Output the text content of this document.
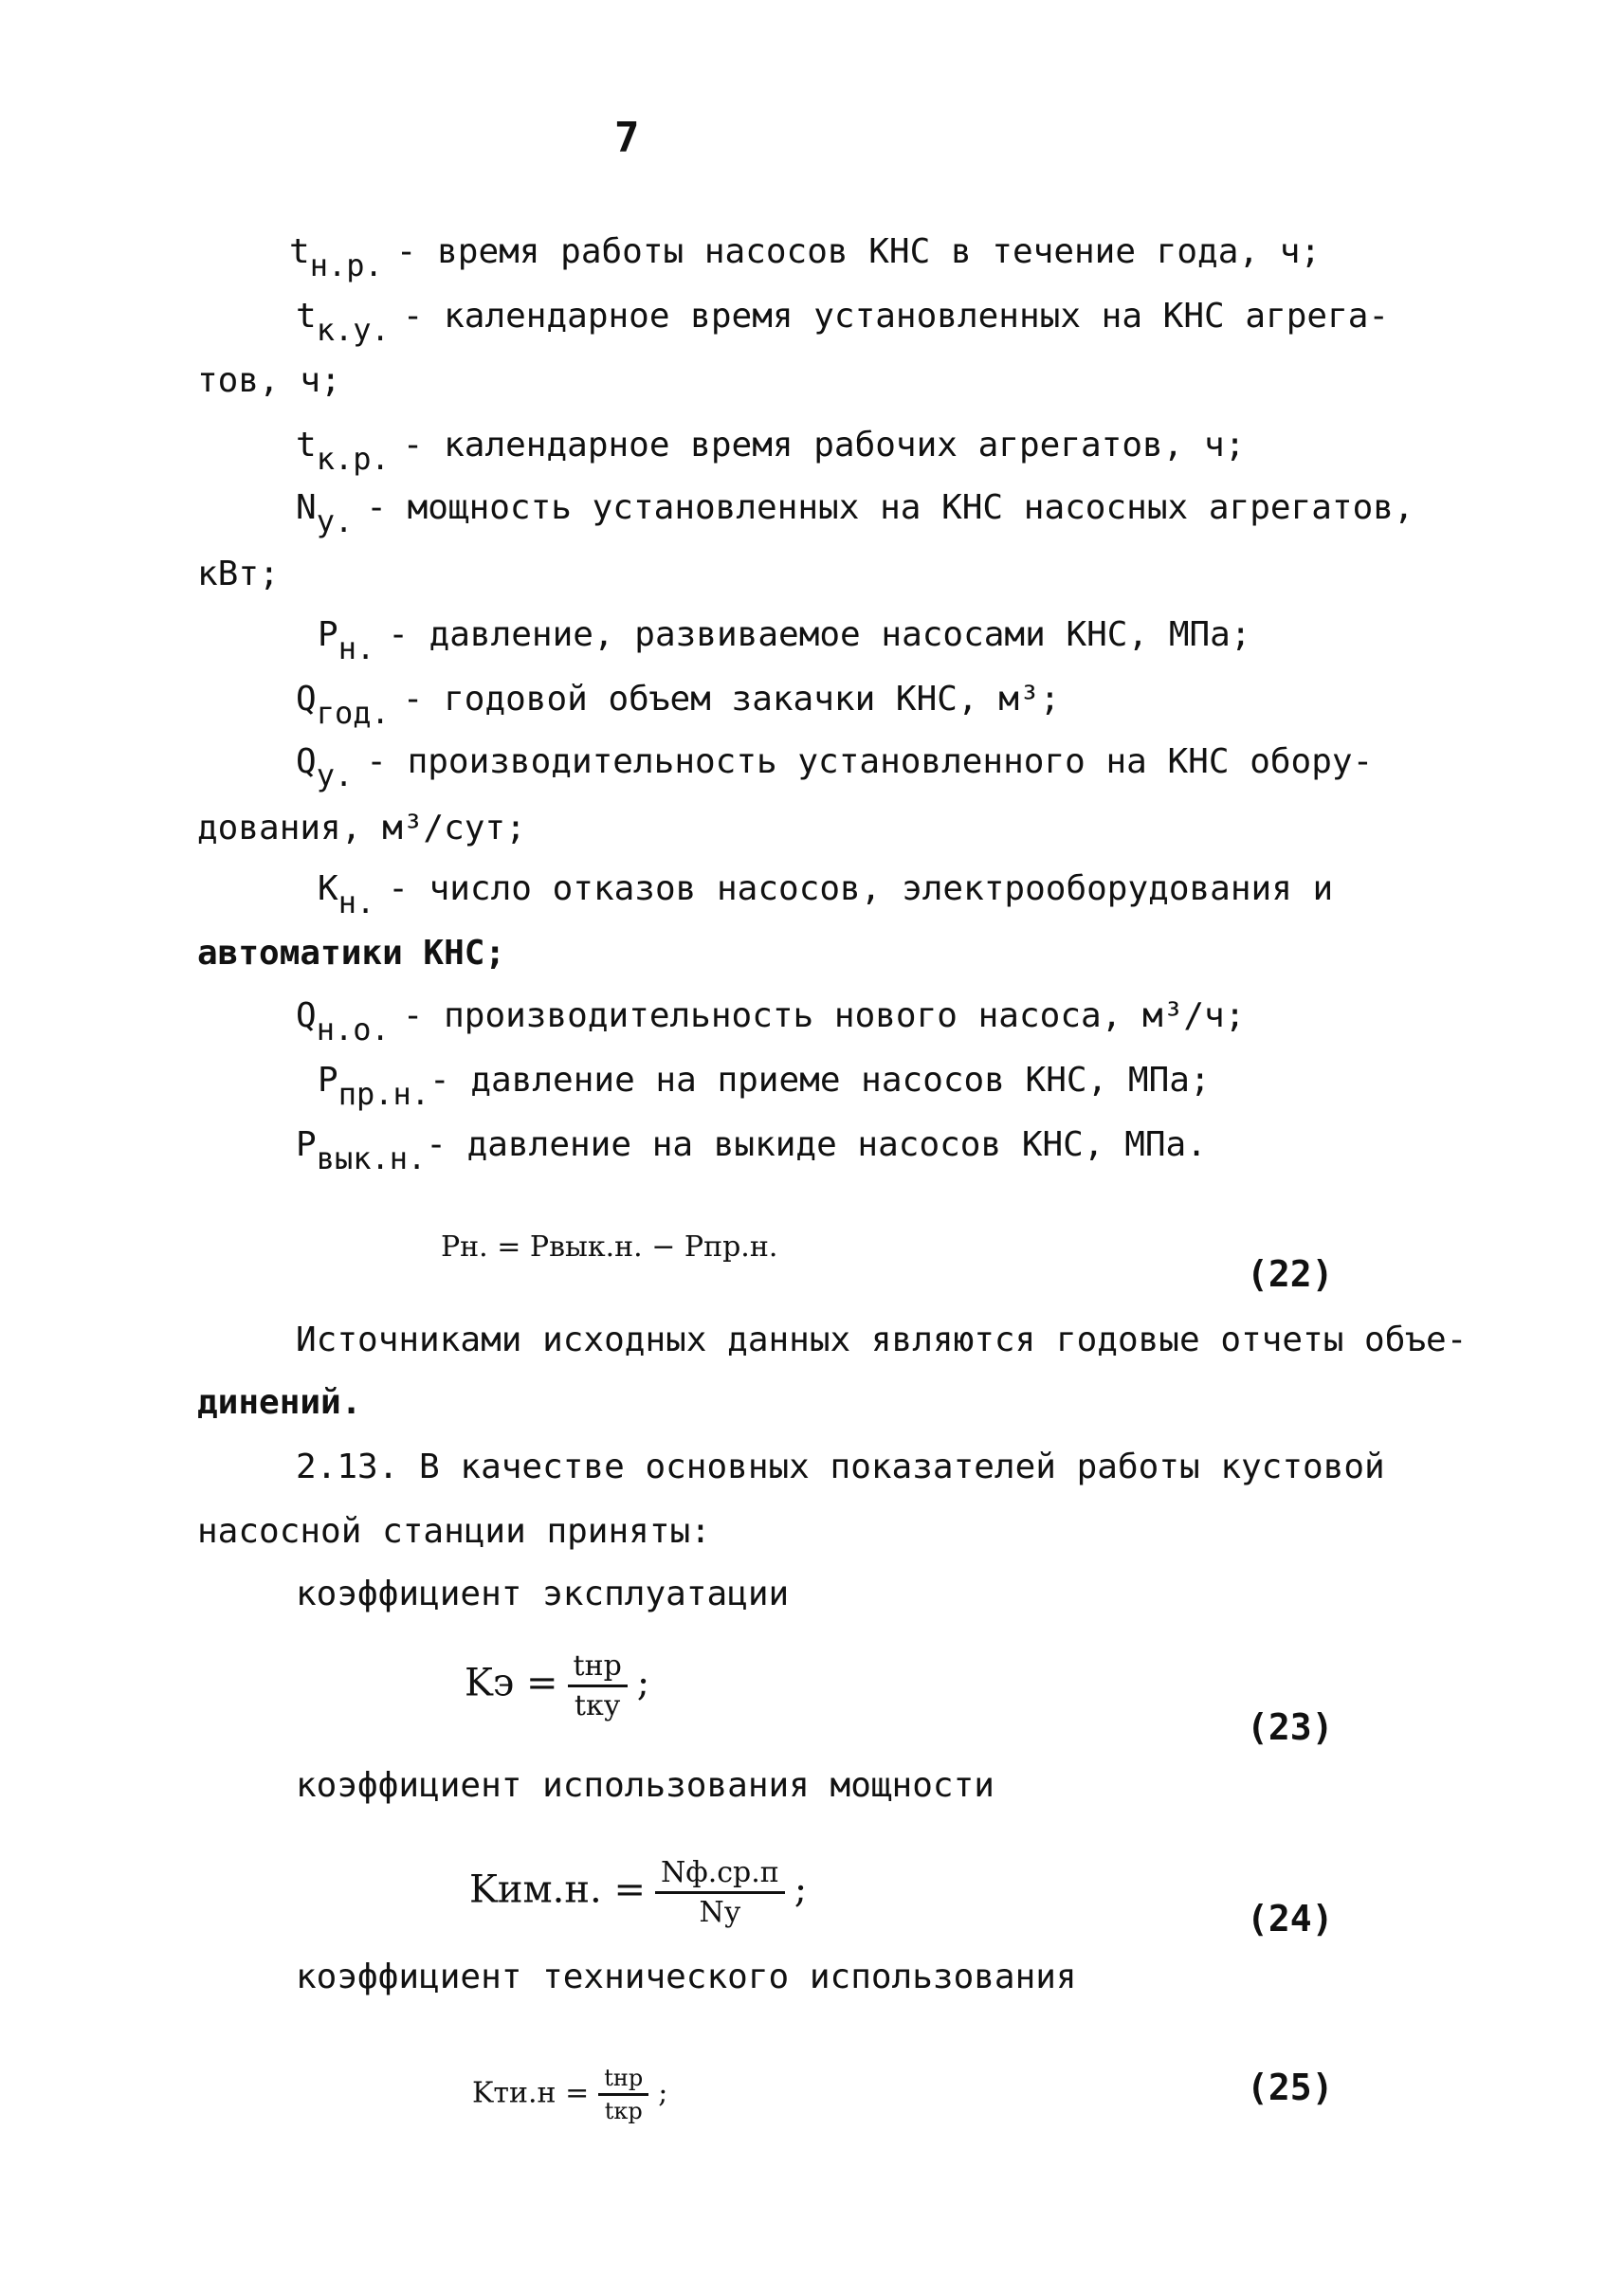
7
tн.р. - время работы насосов КНС в течение года, ч;
tк.у. - календарное время установленных на КНС агрега-
тов, ч;
tк.р. - календарное время рабочих агрегатов, ч;
Nу. - мощность установленных на КНС насосных агрегатов,
кВт;
Pн. - давление, развиваемое насосами КНС, МПа;
Qгод. - годовой объем закачки КНС, м³;
Qу. - производительность установленного на КНС обору-
дования, м³/сут;
Kн. - число отказов насосов, электрооборудования и
автоматики КНС;
Qн.о. - производительность нового насоса, м³/ч;
Pпр.н.- давление на приеме насосов КНС, МПа;
Pвык.н.- давление на выкиде насосов КНС, МПа.
Pн. = Pвык.н. − Pпр.н.
(22)
Источниками исходных данных являются годовые отчеты объе-
динений.
2.13. В качестве основных показателей работы кустовой
насосной станции приняты:
коэффициент эксплуатации
Kэ = $\frac{\text{tнр}}{\text{tку}}$ ;
(23)
коэффициент использования мощности
Kим.н. = $\frac{Nф.ср.п}{Nу}$ ;
(24)
коэффициент технического использования
$Kти.н = \frac{\text{tнр}}{\text{tкр}}$ ;	(25)
